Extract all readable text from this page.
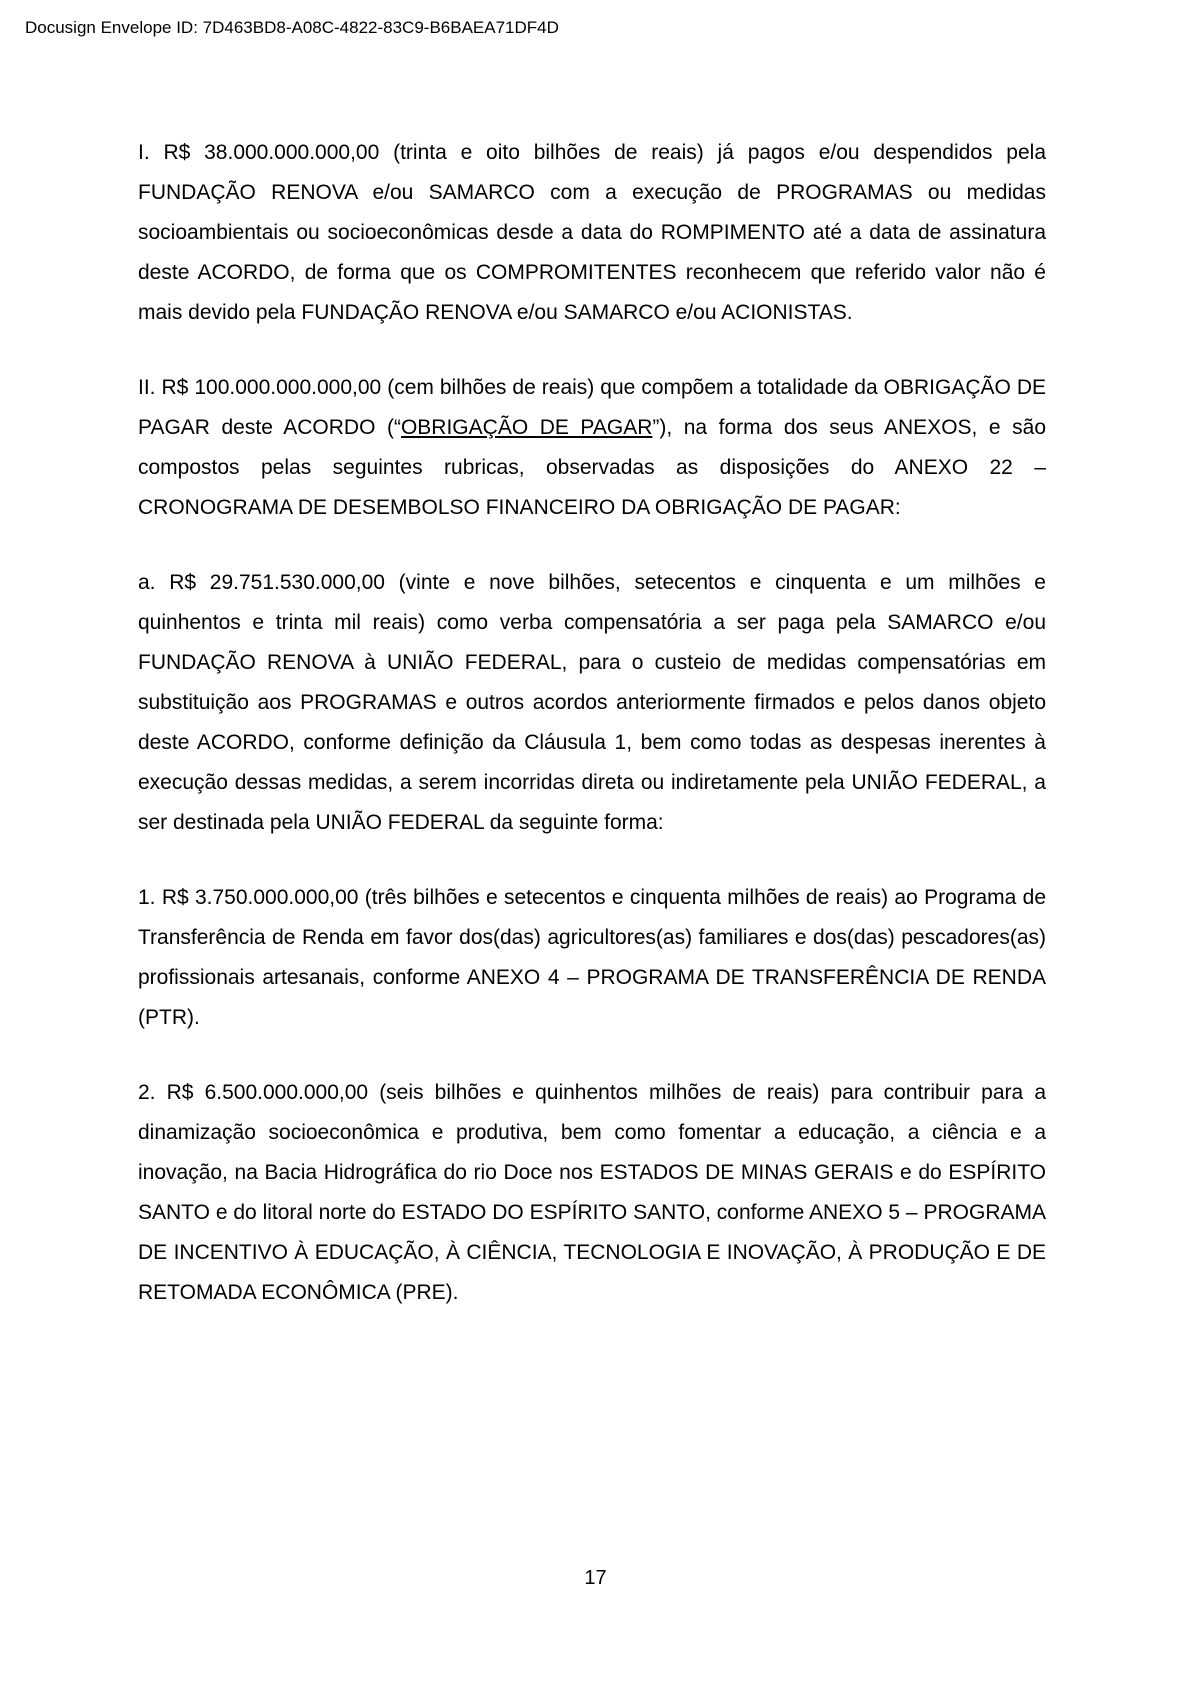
Docusign Envelope ID: 7D463BD8-A08C-4822-83C9-B6BAEA71DF4D

I. R$ 38.000.000.000,00 (trinta e oito bilhões de reais) já pagos e/ou despendidos pela FUNDAÇÃO RENOVA e/ou SAMARCO com a execução de PROGRAMAS ou medidas socioambientais ou socioeconômicas desde a data do ROMPIMENTO até a data de assinatura deste ACORDO, de forma que os COMPROMITENTES reconhecem que referido valor não é mais devido pela FUNDAÇÃO RENOVA e/ou SAMARCO e/ou ACIONISTAS.

II. R$ 100.000.000.000,00 (cem bilhões de reais) que compõem a totalidade da OBRIGAÇÃO DE PAGAR deste ACORDO (“OBRIGAÇÃO DE PAGAR”), na forma dos seus ANEXOS, e são compostos pelas seguintes rubricas, observadas as disposições do ANEXO 22 – CRONOGRAMA DE DESEMBOLSO FINANCEIRO DA OBRIGAÇÃO DE PAGAR:

a. R$ 29.751.530.000,00 (vinte e nove bilhões, setecentos e cinquenta e um milhões e quinhentos e trinta mil reais) como verba compensatória a ser paga pela SAMARCO e/ou FUNDAÇÃO RENOVA à UNIÃO FEDERAL, para o custeio de medidas compensatórias em substituição aos PROGRAMAS e outros acordos anteriormente firmados e pelos danos objeto deste ACORDO, conforme definição da Cláusula 1, bem como todas as despesas inerentes à execução dessas medidas, a serem incorridas direta ou indiretamente pela UNIÃO FEDERAL, a ser destinada pela UNIÃO FEDERAL da seguinte forma:

1. R$ 3.750.000.000,00 (três bilhões e setecentos e cinquenta milhões de reais) ao Programa de Transferência de Renda em favor dos(das) agricultores(as) familiares e dos(das) pescadores(as) profissionais artesanais, conforme ANEXO 4 – PROGRAMA DE TRANSFERÊNCIA DE RENDA (PTR).

2. R$ 6.500.000.000,00 (seis bilhões e quinhentos milhões de reais) para contribuir para a dinamização socioeconômica e produtiva, bem como fomentar a educação, a ciência e a inovação, na Bacia Hidrográfica do rio Doce nos ESTADOS DE MINAS GERAIS e do ESPÍRITO SANTO e do litoral norte do ESTADO DO ESPÍRITO SANTO, conforme ANEXO 5 – PROGRAMA DE INCENTIVO À EDUCAÇÃO, À CIÊNCIA, TECNOLOGIA E INOVAÇÃO, À PRODUÇÃO E DE RETOMADA ECONÔMICA (PRE).

17
